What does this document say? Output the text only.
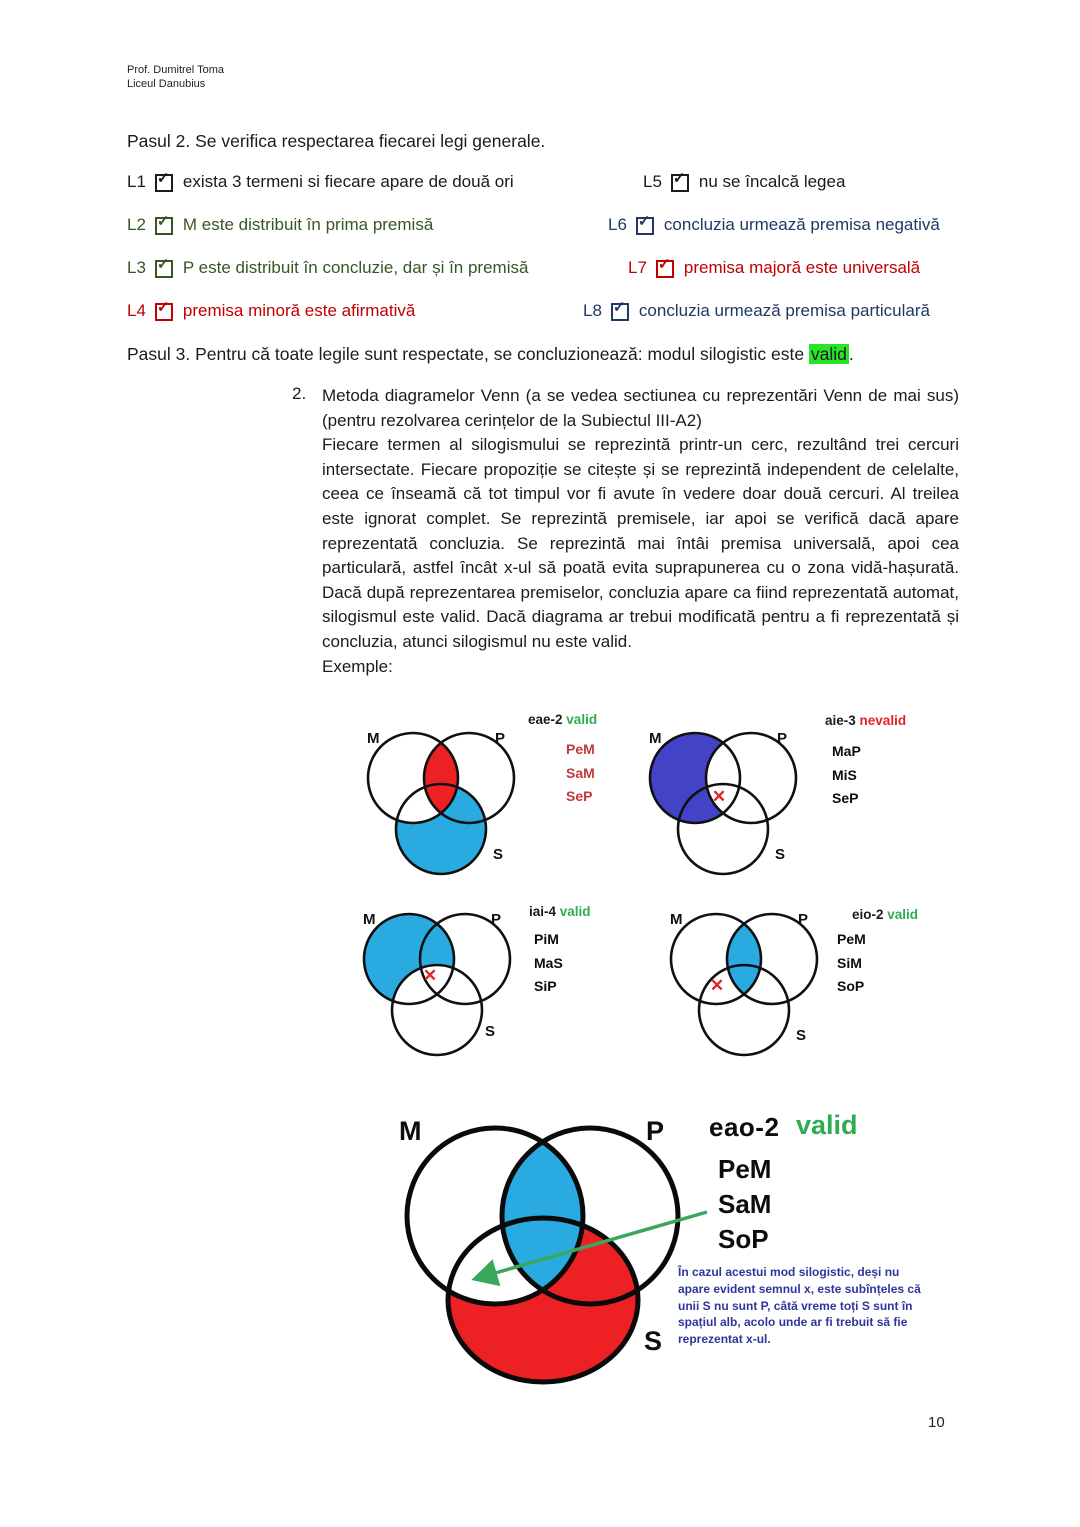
Prof. Dumitrel Toma
Liceul Danubius
Pasul 2. Se verifica respectarea fiecarei legi generale.
L1 ✓ exista 3 termeni si fiecare apare de două ori
L2 ✓ M este distribuit în prima premisă
L3 ✓ P este distribuit în concluzie, dar și în premisă
L4 ✓ premisa minoră este afirmativă
L5 ✓ nu se încalcă legea
L6 ✓ concluzia urmează premisa negativă
L7 ✓ premisa majoră este universală
L8 ✓ concluzia urmează premisa particulară
Pasul 3. Pentru că toate legile sunt respectate, se concluzionează: modul silogistic este valid .
2. Metoda diagramelor Venn (a se vedea sectiunea cu reprezentări Venn de mai sus) (pentru rezolvarea cerințelor de la Subiectul III-A2)
Fiecare termen al silogismului se reprezintă printr-un cerc, rezultând trei cercuri intersectate. Fiecare propoziție se citește și se reprezintă independent de celelalte, ceea ce înseamă că tot timpul vor fi avute în vedere doar două cercuri. Al treilea este ignorat complet. Se reprezintă premisele, iar apoi se verifică dacă apare reprezentată concluzia. Se reprezintă mai întâi premisa universală, apoi cea particulară, astfel încât x-ul să poată evita suprapunerea cu o zona vidă-hașurată. Dacă după reprezentarea premiselor, concluzia apare ca fiind reprezentată automat, silogismul este valid. Dacă diagrama ar trebui modificată pentru a fi reprezentată și concluzia, atunci silogismul nu este valid.
Exemple:
M	P
S
eae-2 valid
PeM
SaM
SeP	✕
M	P
S
aie-3 nevalid
MaP
MiS
SeP
✕
M	P
S
iai-4 valid
PiM
MaS
SiP	✕
M	P
S
eio-2 valid
PeM
SiM
SoP
M	P
S
eao-2 valid
PeM
SaM
SoP
În cazul acestui mod silogistic, deși nu apare evident semnul x, este subînțeles că unii S nu sunt P, câtă vreme toți S sunt în spațiul alb, acolo unde ar fi trebuit să fie reprezentat x-ul.
10
